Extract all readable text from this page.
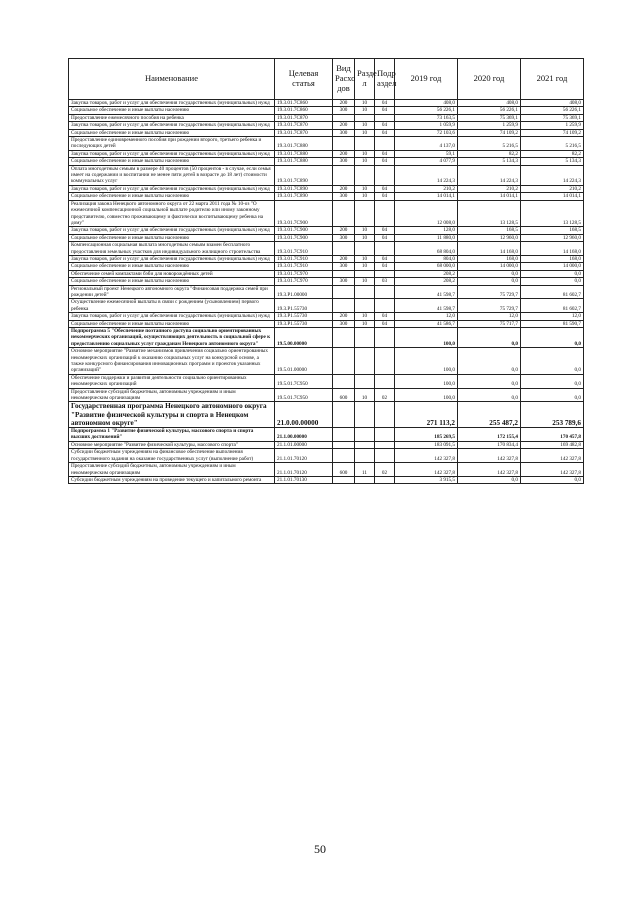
Наименование	Целевая статья	Вид Расхо дов	Разде л	Подр аздел	2019 год	2020 год	2021 год
Закупка товаров, работ и услуг для обеспечения государственных (муниципальных) нужд	19.3.01.7С860	200	10	04	408,0	408,0	408,0
Социальное обеспечение и иные выплаты населению	19.3.01.7С860	300	10	04	56 226,1	56 226,1	56 226,1
Предоставление ежемесячного пособия на ребенка	19.3.01.7С870				73 163,5	75 369,1	75 369,1
Закупка товаров, работ и услуг для обеспечения государственных (муниципальных) нужд	19.3.01.7С870	200	10	04	1 059,9	1 259,9	1 259,9
Социальное обеспечение и иные выплаты населению	19.3.01.7С870	300	10	04	72 103,6	74 109,2	74 109,2
Предоставление единовременного пособия при рождении второго, третьего ребенка и последующих детей	19.3.01.7С880				4 137,0	5 216,5	5 216,5
Закупка товаров, работ и услуг для обеспечения государственных (муниципальных) нужд	19.3.01.7С880	200	10	04	59,1	82,2	82,2
Социальное обеспечение и иные выплаты населению	19.3.01.7С880	300	10	04	4 077,9	5 134,3	5 134,3
Оплата многодетным семьям в размере 40 процентов (50 процентов - в случае, если семья имеет на содержании и воспитании не менее пяти детей в возрасте до 18 лет) стоимости коммунальных услуг	19.3.01.7С890				14 224,3	14 224,3	14 224,3
Закупка товаров, работ и услуг для обеспечения государственных (муниципальных) нужд	19.3.01.7С890	200	10	04	210,2	210,2	210,2
Социальное обеспечение и иные выплаты населению	19.3.01.7С890	300	10	04	14 014,1	14 014,1	14 014,1
Реализация закона Ненецкого автономного округа от 22 марта 2011 года № 10-оз "О ежемесячной компенсационной социальной выплате родителю или иному законному представителю, совместно проживающему и фактически воспитывающему ребенка на дому"	19.3.01.7С900				12 008,0	13 128,5	13 128,5
Закупка товаров, работ и услуг для обеспечения государственных (муниципальных) нужд	19.3.01.7С900	200	10	04	128,0	168,5	168,5
Социальное обеспечение и иные выплаты населению	19.3.01.7С900	300	10	04	11 880,0	12 960,0	12 960,0
Компенсационная социальная выплата многодетным семьям взамен бесплатного предоставления земельных участков для индивидуального жилищного строительства	19.3.01.7С910				68 804,0	14 168,0	14 168,0
Закупка товаров, работ и услуг для обеспечения государственных (муниципальных) нужд	19.3.01.7С910	200	10	04	804,0	168,0	168,0
Социальное обеспечение и иные выплаты населению	19.3.01.7С910	300	10	04	68 000,0	14 000,0	14 000,0
Обеспечение семей компактами бэби для новорождённых детей	19.3.01.7С970				208,2	0,0	0,0
Социальное обеспечение и иные выплаты населению	19.3.01.7С970	300	10	03	208,2	0,0	0,0
Региональный проект Ненецкого автономного округа "Финансовая поддержка семей при рождении детей"	19.3.Р1.00000				41 598,7	75 729,7	81 602,7
Осуществление ежемесячной выплаты в связи с рождением (усыновлением) первого ребенка	19.3.Р1.55730				41 598,7	75 729,7	81 602,7
Закупка товаров, работ и услуг для обеспечения государственных (муниципальных) нужд	19.3.Р1.55730	200	10	04	12,0	12,0	12,0
Социальное обеспечение и иные выплаты населению	19.3.Р1.55730	300	10	04	41 586,7	75 717,7	81 590,7
Подпрограмма 5 "Обеспечение поэтапного доступа социально ориентированных некоммерческих организаций, осуществляющих деятельность в социальной сфере к предоставлению социальных услуг гражданам Ненецкого автономного округа"	19.5.00.00000				100,0	0,0	0,0
Основное мероприятие "Развитие механизмов привлечения социально ориентированных некоммерческих организаций к оказанию социальных услуг на конкурсной основе, а также конкурсного финансирования инновационных программ и проектов указанных организаций"	19.5.01.00000				100,0	0,0	0,0
Обеспечение поддержки и развития деятельности социально ориентированных некоммерческих организаций	19.5.01.7С950				100,0	0,0	0,0
Предоставление субсидий бюджетным, автономным учреждениям и иным некоммерческим организациям	19.5.01.7С950	600	10	02	100,0	0,0	0,0
Государственная программа Ненецкого автономного округа "Развитие физической культуры и спорта в Ненецком автономном округе"	21.0.00.00000				271 113,2	255 487,2	253 789,6
Подпрограмма 1 "Развитие физической культуры, массового спорта и спорта высших достижений"	21.1.00.00000				185 269,5	172 155,4	170 457,8
Основное мероприятие "Развитие физической культуры, массового спорта"	21.1.01.00000				183 091,5	170 834,4	169 482,8
Субсидии бюджетным учреждениям на финансовое обеспечение выполнения государственного задания на оказание государственных услуг (выполнение работ)	21.1.01.70120				142 327,8	142 327,8	142 327,8
Предоставление субсидий бюджетным, автономным учреждениям и иным некоммерческим организациям	21.1.01.70120	600	11	02	142 327,8	142 327,8	142 327,8
Субсидии бюджетным учреждениям на проведение текущего и капитального ремонта	21.1.01.70130				3 915,5	0,0	0,0
50
